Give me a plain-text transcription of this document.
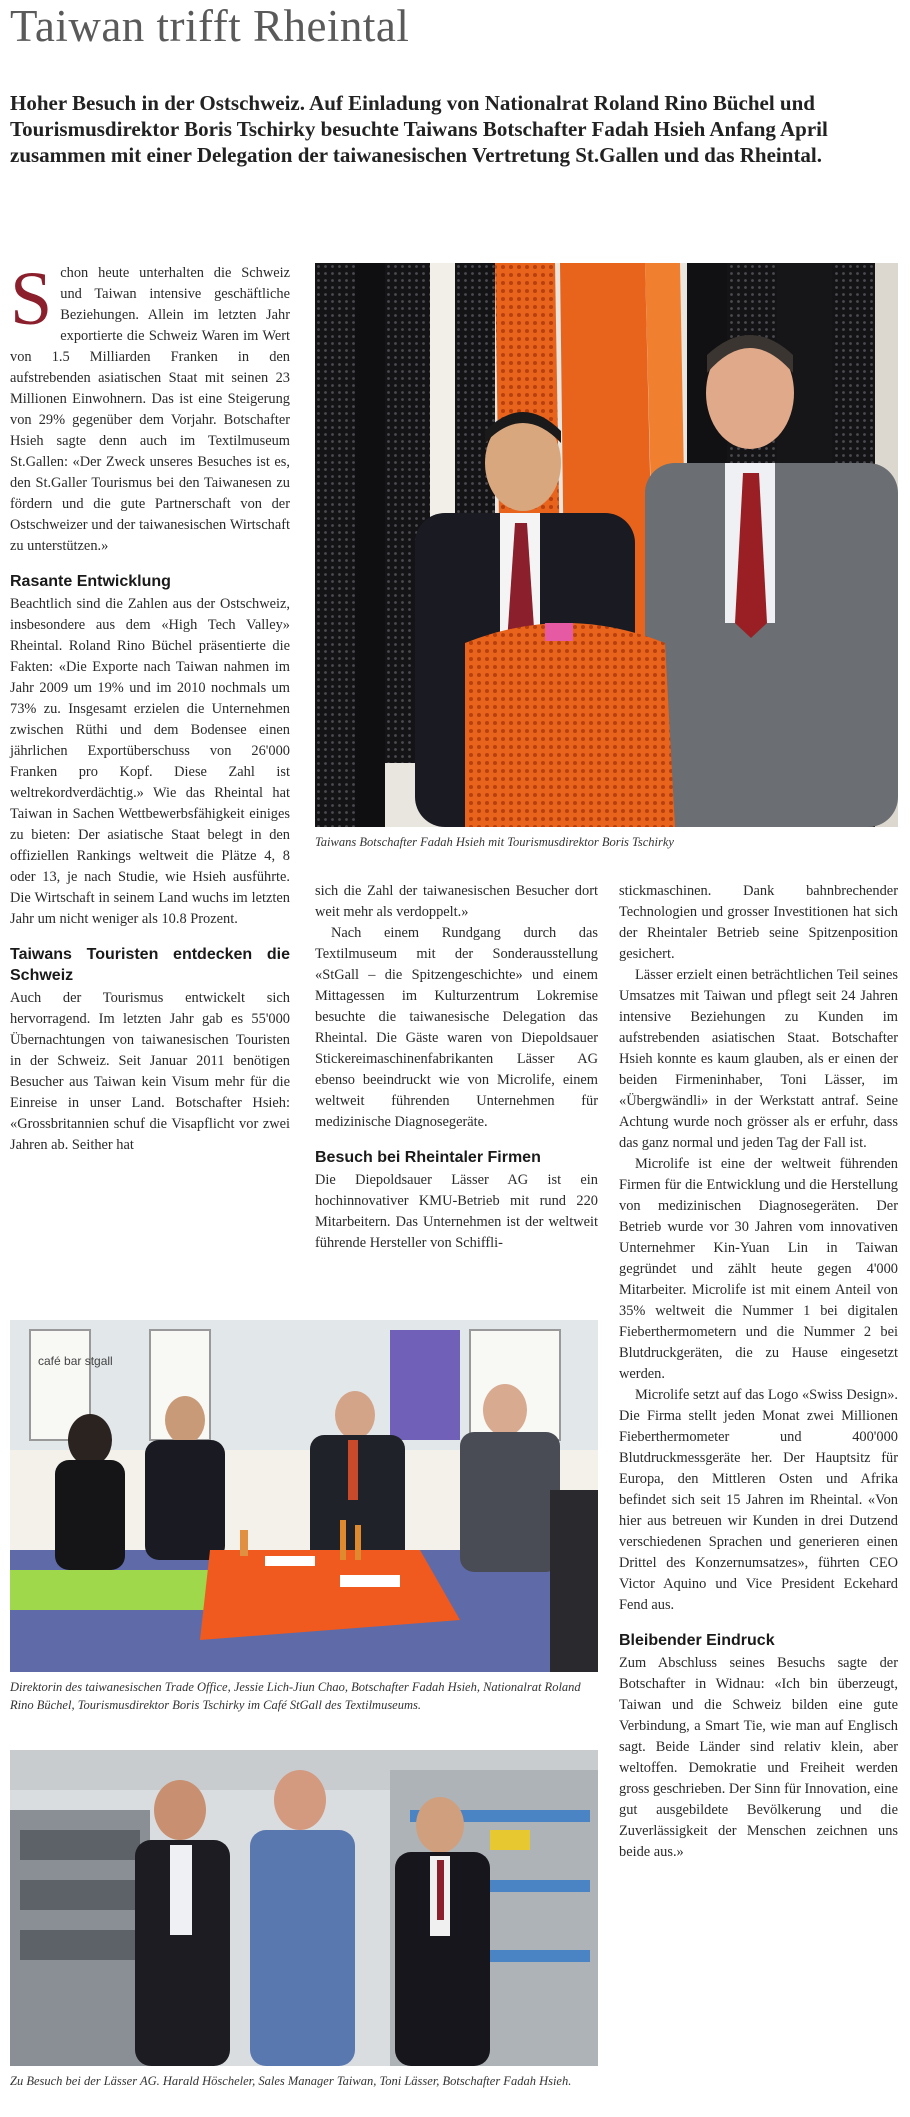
Taiwan trifft Rheintal
Hoher Besuch in der Ostschweiz. Auf Einladung von Nationalrat Roland Rino Büchel und Tourismusdirektor Boris Tschirky besuchte Taiwans Botschafter Fadah Hsieh Anfang April zusammen mit einer Delegation der taiwanesischen Vertretung St.Gallen und das Rheintal.

Schon heute unterhalten die Schweiz und Taiwan intensive geschäftliche Beziehungen. Allein im letzten Jahr exportierte die Schweiz Waren im Wert von 1.5 Milliarden Franken in den aufstrebenden asiatischen Staat mit seinen 23 Millionen Einwohnern. Das ist eine Steigerung von 29% gegenüber dem Vorjahr. Botschafter Hsieh sagte denn auch im Textilmuseum St.Gallen: «Der Zweck unseres Besuches ist es, den St.Galler Tourismus bei den Taiwanesen zu fördern und die gute Partnerschaft von der Ostschweizer und der taiwanesischen Wirtschaft zu unterstützen.»

Rasante Entwicklung

Beachtlich sind die Zahlen aus der Ostschweiz, insbesondere aus dem «High Tech Valley» Rheintal. Roland Rino Büchel präsentierte die Fakten: «Die Exporte nach Taiwan nahmen im Jahr 2009 um 19% und im 2010 nochmals um 73% zu. Insgesamt erzielen die Unternehmen zwischen Rüthi und dem Bodensee einen jährlichen Exportüberschuss von 26'000 Franken pro Kopf. Diese Zahl ist weltrekordverdächtig.» Wie das Rheintal hat Taiwan in Sachen Wettbewerbsfähigkeit einiges zu bieten: Der asiatische Staat belegt in den offiziellen Rankings weltweit die Plätze 4, 8 oder 13, je nach Studie, wie Hsieh ausführte. Die Wirtschaft in seinem Land wuchs im letzten Jahr um nicht weniger als 10.8 Prozent.

Taiwans Touristen entdecken die Schweiz

Auch der Tourismus entwickelt sich hervorragend. Im letzten Jahr gab es 55'000 Übernachtungen von taiwanesischen Touristen in der Schweiz. Seit Januar 2011 benötigen Besucher aus Taiwan kein Visum mehr für die Einreise in unser Land. Botschafter Hsieh: «Grossbritannien schuf die Visapflicht vor zwei Jahren ab. Seither hat

Taiwans Botschafter Fadah Hsieh mit Tourismusdirektor Boris Tschirky

sich die Zahl der taiwanesischen Besucher dort weit mehr als verdoppelt.»

Nach einem Rundgang durch das Textilmuseum mit der Sonderausstellung «StGall – die Spitzengeschichte» und einem Mittagessen im Kulturzentrum Lokremise besuchte die taiwanesische Delegation das Rheintal. Die Gäste waren von Diepoldsauer Stickereimaschinenfabrikanten Lässer AG ebenso beeindruckt wie von Microlife, einem weltweit führenden Unternehmen für medizinische Diagnosegeräte.

Besuch bei Rheintaler Firmen

Die Diepoldsauer Lässer AG ist ein hochinnovativer KMU-Betrieb mit rund 220 Mitarbeitern. Das Unternehmen ist der weltweit führende Hersteller von Schiffli-

stickmaschinen. Dank bahnbrechender Technologien und grosser Investitionen hat sich der Rheintaler Betrieb seine Spitzenposition gesichert.

Lässer erzielt einen beträchtlichen Teil seines Umsatzes mit Taiwan und pflegt seit 24 Jahren intensive Beziehungen zu Kunden im aufstrebenden asiatischen Staat. Botschafter Hsieh konnte es kaum glauben, als er einen der beiden Firmeninhaber, Toni Lässer, im «Übergwändli» in der Werkstatt antraf. Seine Achtung wurde noch grösser als er erfuhr, dass das ganz normal und jeden Tag der Fall ist.

Microlife ist eine der weltweit führenden Firmen für die Entwicklung und die Herstellung von medizinischen Diagnosegeräten. Der Betrieb wurde vor 30 Jahren vom innovativen Unternehmer Kin-Yuan Lin in Taiwan gegründet und zählt heute gegen 4'000 Mitarbeiter. Microlife ist mit einem Anteil von 35% weltweit die Nummer 1 bei digitalen Fieberthermometern und die Nummer 2 bei Blutdruckgeräten, die zu Hause eingesetzt werden.

Microlife setzt auf das Logo «Swiss Design». Die Firma stellt jeden Monat zwei Millionen Fieberthermometer und 400'000 Blutdruckmessgeräte her. Der Hauptsitz für Europa, den Mittleren Osten und Afrika befindet sich seit 15 Jahren im Rheintal. «Von hier aus betreuen wir Kunden in drei Dutzend verschiedenen Sprachen und generieren einen Drittel des Konzernumsatzes», führten CEO Victor Aquino und Vice President Eckehard Fend aus.

Bleibender Eindruck

Zum Abschluss seines Besuchs sagte der Botschafter in Widnau: «Ich bin überzeugt, Taiwan und die Schweiz bilden eine gute Verbindung, a Smart Tie, wie man auf Englisch sagt. Beide Länder sind relativ klein, aber weltoffen. Demokratie und Freiheit werden gross geschrieben. Der Sinn für Innovation, eine gut ausgebildete Bevölkerung und die Zuverlässigkeit der Menschen zeichnen uns beide aus.»

café bar stgall
Direktorin des taiwanesischen Trade Office, Jessie Lich-Jiun Chao, Botschafter Fadah Hsieh, Nationalrat Roland Rino Büchel, Tourismusdirektor Boris Tschirky im Café StGall des Textilmuseums.
Zu Besuch bei der Lässer AG. Harald Höscheler, Sales Manager Taiwan, Toni Lässer, Botschafter Fadah Hsieh.
